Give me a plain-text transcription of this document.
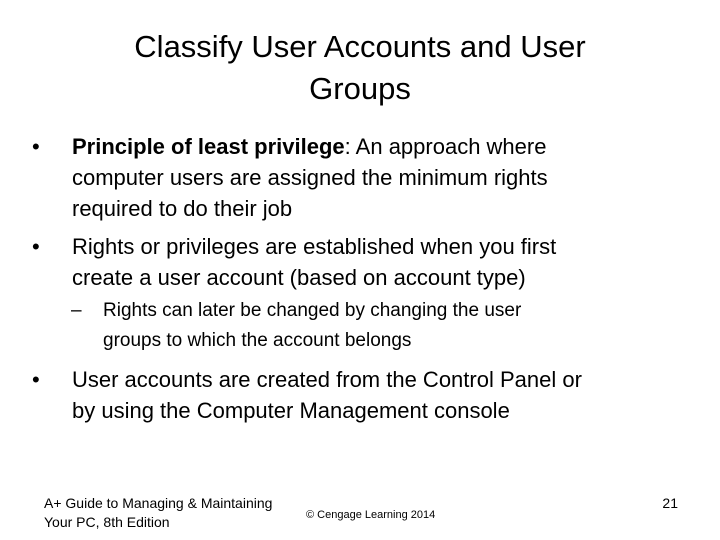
Classify User Accounts and User
Groups
•	Principle of least privilege: An approach where
computer users are assigned the minimum rights
required to do their job
•	Rights or privileges are established when you first
create a user account (based on account type)
– Rights can later be changed by changing the user
groups to which the account belongs
•	User accounts are created from the Control Panel or
by using the Computer Management console
A+ Guide to Managing & Maintaining
Your PC, 8th Edition	© Cengage Learning 2014
21
